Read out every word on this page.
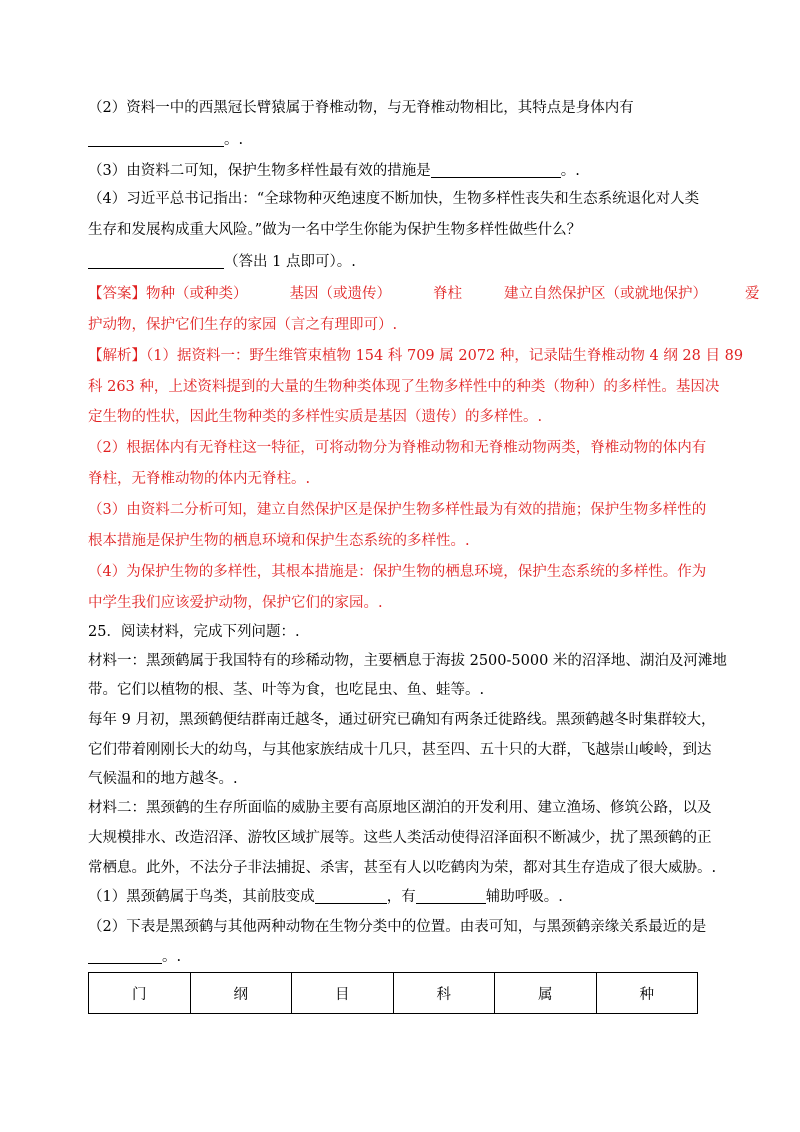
（2）资料一中的西黑冠长臂猿属于脊椎动物，与无脊椎动物相比，其特点是身体内有
。.
（3）由资料二可知，保护生物多样性最有效的措施是	。.
（4）习近平总书记指出：“全球物种灭绝速度不断加快，生物多样性丧失和生态系统退化对人类
生存和发展构成重大风险。”做为一名中学生你能为保护生物多样性做些什么？
（答出 1 点即可）。.
【答案】物种（或种类）	基因（或遗传）	脊柱	建立自然保护区（或就地保护）	爱
护动物，保护它们生存的家园（言之有理即可）.
【解析】（1）据资料一：野生维管束植物 154 科 709 属 2072 种，记录陆生脊椎动物 4 纲 28 目 89
科 263 种，上述资料提到的大量的生物种类体现了生物多样性中的种类（物种）的多样性。基因决
定生物的性状，因此生物种类的多样性实质是基因（遗传）的多样性。.
（2）根据体内有无脊柱这一特征，可将动物分为脊椎动物和无脊椎动物两类，脊椎动物的体内有
脊柱，无脊椎动物的体内无脊柱。.
（3）由资料二分析可知，建立自然保护区是保护生物多样性最为有效的措施；保护生物多样性的
根本措施是保护生物的栖息环境和保护生态系统的多样性。.
（4）为保护生物的多样性，其根本措施是：保护生物的栖息环境，保护生态系统的多样性。作为
中学生我们应该爱护动物，保护它们的家园。.
25．阅读材料，完成下列问题：.
材料一：黑颈鹤属于我国特有的珍稀动物，主要栖息于海拔 2500-5000 米的沼泽地、湖泊及河滩地
带。它们以植物的根、茎、叶等为食，也吃昆虫、鱼、蛙等。.
每年 9 月初，黑颈鹤便结群南迁越冬，通过研究已确知有两条迁徙路线。黑颈鹤越冬时集群较大，
它们带着刚刚长大的幼鸟，与其他家族结成十几只，甚至四、五十只的大群，飞越崇山峻岭，到达
气候温和的地方越冬。.
材料二：黑颈鹤的生存所面临的威胁主要有高原地区湖泊的开发利用、建立渔场、修筑公路，以及
大规模排水、改造沼泽、游牧区域扩展等。这些人类活动使得沼泽面积不断减少，扰了黑颈鹤的正
常栖息。此外，不法分子非法捕捉、杀害，甚至有人以吃鹤肉为荣，都对其生存造成了很大威胁。.
（1）黑颈鹤属于鸟类，其前肢变成	，有	辅助呼吸。.
（2）下表是黑颈鹤与其他两种动物在生物分类中的位置。由表可知，与黑颈鹤亲缘关系最近的是
。.
门	纲	目	科	属	种
